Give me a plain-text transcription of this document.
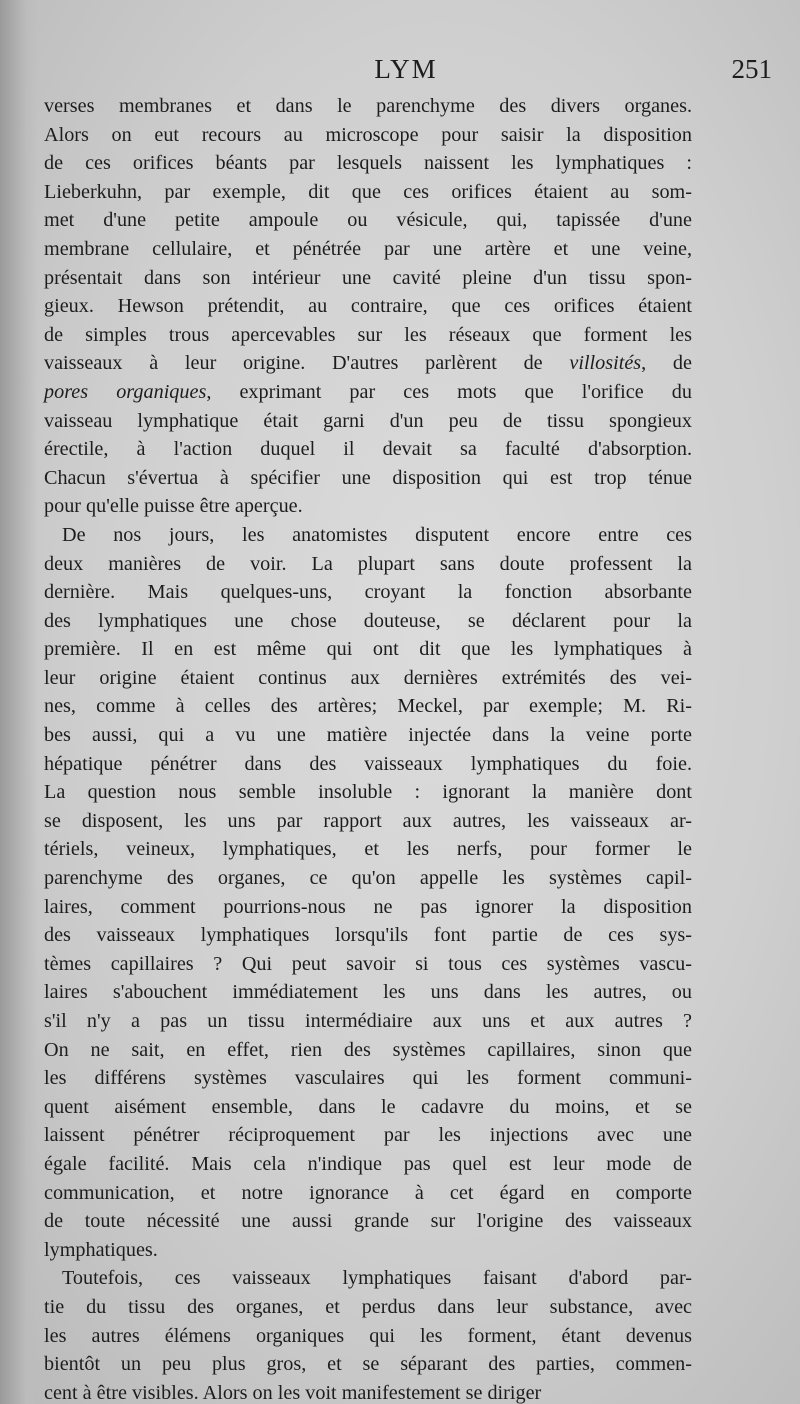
LYM	251
verses membranes et dans le parenchyme des divers organes.
Alors on eut recours au microscope pour saisir la disposition
de ces orifices béants par lesquels naissent les lymphatiques :
Lieberkuhn, par exemple, dit que ces orifices étaient au som-
met d'une petite ampoule ou vésicule, qui, tapissée d'une
membrane cellulaire, et pénétrée par une artère et une veine,
présentait dans son intérieur une cavité pleine d'un tissu spon-
gieux. Hewson prétendit, au contraire, que ces orifices étaient
de simples trous apercevables sur les réseaux que forment les
vaisseaux à leur origine. D'autres parlèrent de villosités, de
pores organiques, exprimant par ces mots que l'orifice du
vaisseau lymphatique était garni d'un peu de tissu spongieux
érectile, à l'action duquel il devait sa faculté d'absorption.
Chacun s'évertua à spécifier une disposition qui est trop ténue
pour qu'elle puisse être aperçue.
De nos jours, les anatomistes disputent encore entre ces
deux manières de voir. La plupart sans doute professent la
dernière. Mais quelques-uns, croyant la fonction absorbante
des lymphatiques une chose douteuse, se déclarent pour la
première. Il en est même qui ont dit que les lymphatiques à
leur origine étaient continus aux dernières extrémités des vei-
nes, comme à celles des artères; Meckel, par exemple; M. Ri-
bes aussi, qui a vu une matière injectée dans la veine porte
hépatique pénétrer dans des vaisseaux lymphatiques du foie.
La question nous semble insoluble : ignorant la manière dont
se disposent, les uns par rapport aux autres, les vaisseaux ar-
tériels, veineux, lymphatiques, et les nerfs, pour former le
parenchyme des organes, ce qu'on appelle les systèmes capil-
laires, comment pourrions-nous ne pas ignorer la disposition
des vaisseaux lymphatiques lorsqu'ils font partie de ces sys-
tèmes capillaires ? Qui peut savoir si tous ces systèmes vascu-
laires s'abouchent immédiatement les uns dans les autres, ou
s'il n'y a pas un tissu intermédiaire aux uns et aux autres ?
On ne sait, en effet, rien des systèmes capillaires, sinon que
les différens systèmes vasculaires qui les forment communi-
quent aisément ensemble, dans le cadavre du moins, et se
laissent pénétrer réciproquement par les injections avec une
égale facilité. Mais cela n'indique pas quel est leur mode de
communication, et notre ignorance à cet égard en comporte
de toute nécessité une aussi grande sur l'origine des vaisseaux
lymphatiques.
Toutefois, ces vaisseaux lymphatiques faisant d'abord par-
tie du tissu des organes, et perdus dans leur substance, avec
les autres élémens organiques qui les forment, étant devenus
bientôt un peu plus gros, et se séparant des parties, commen-
cent à être visibles. Alors on les voit manifestement se diriger
